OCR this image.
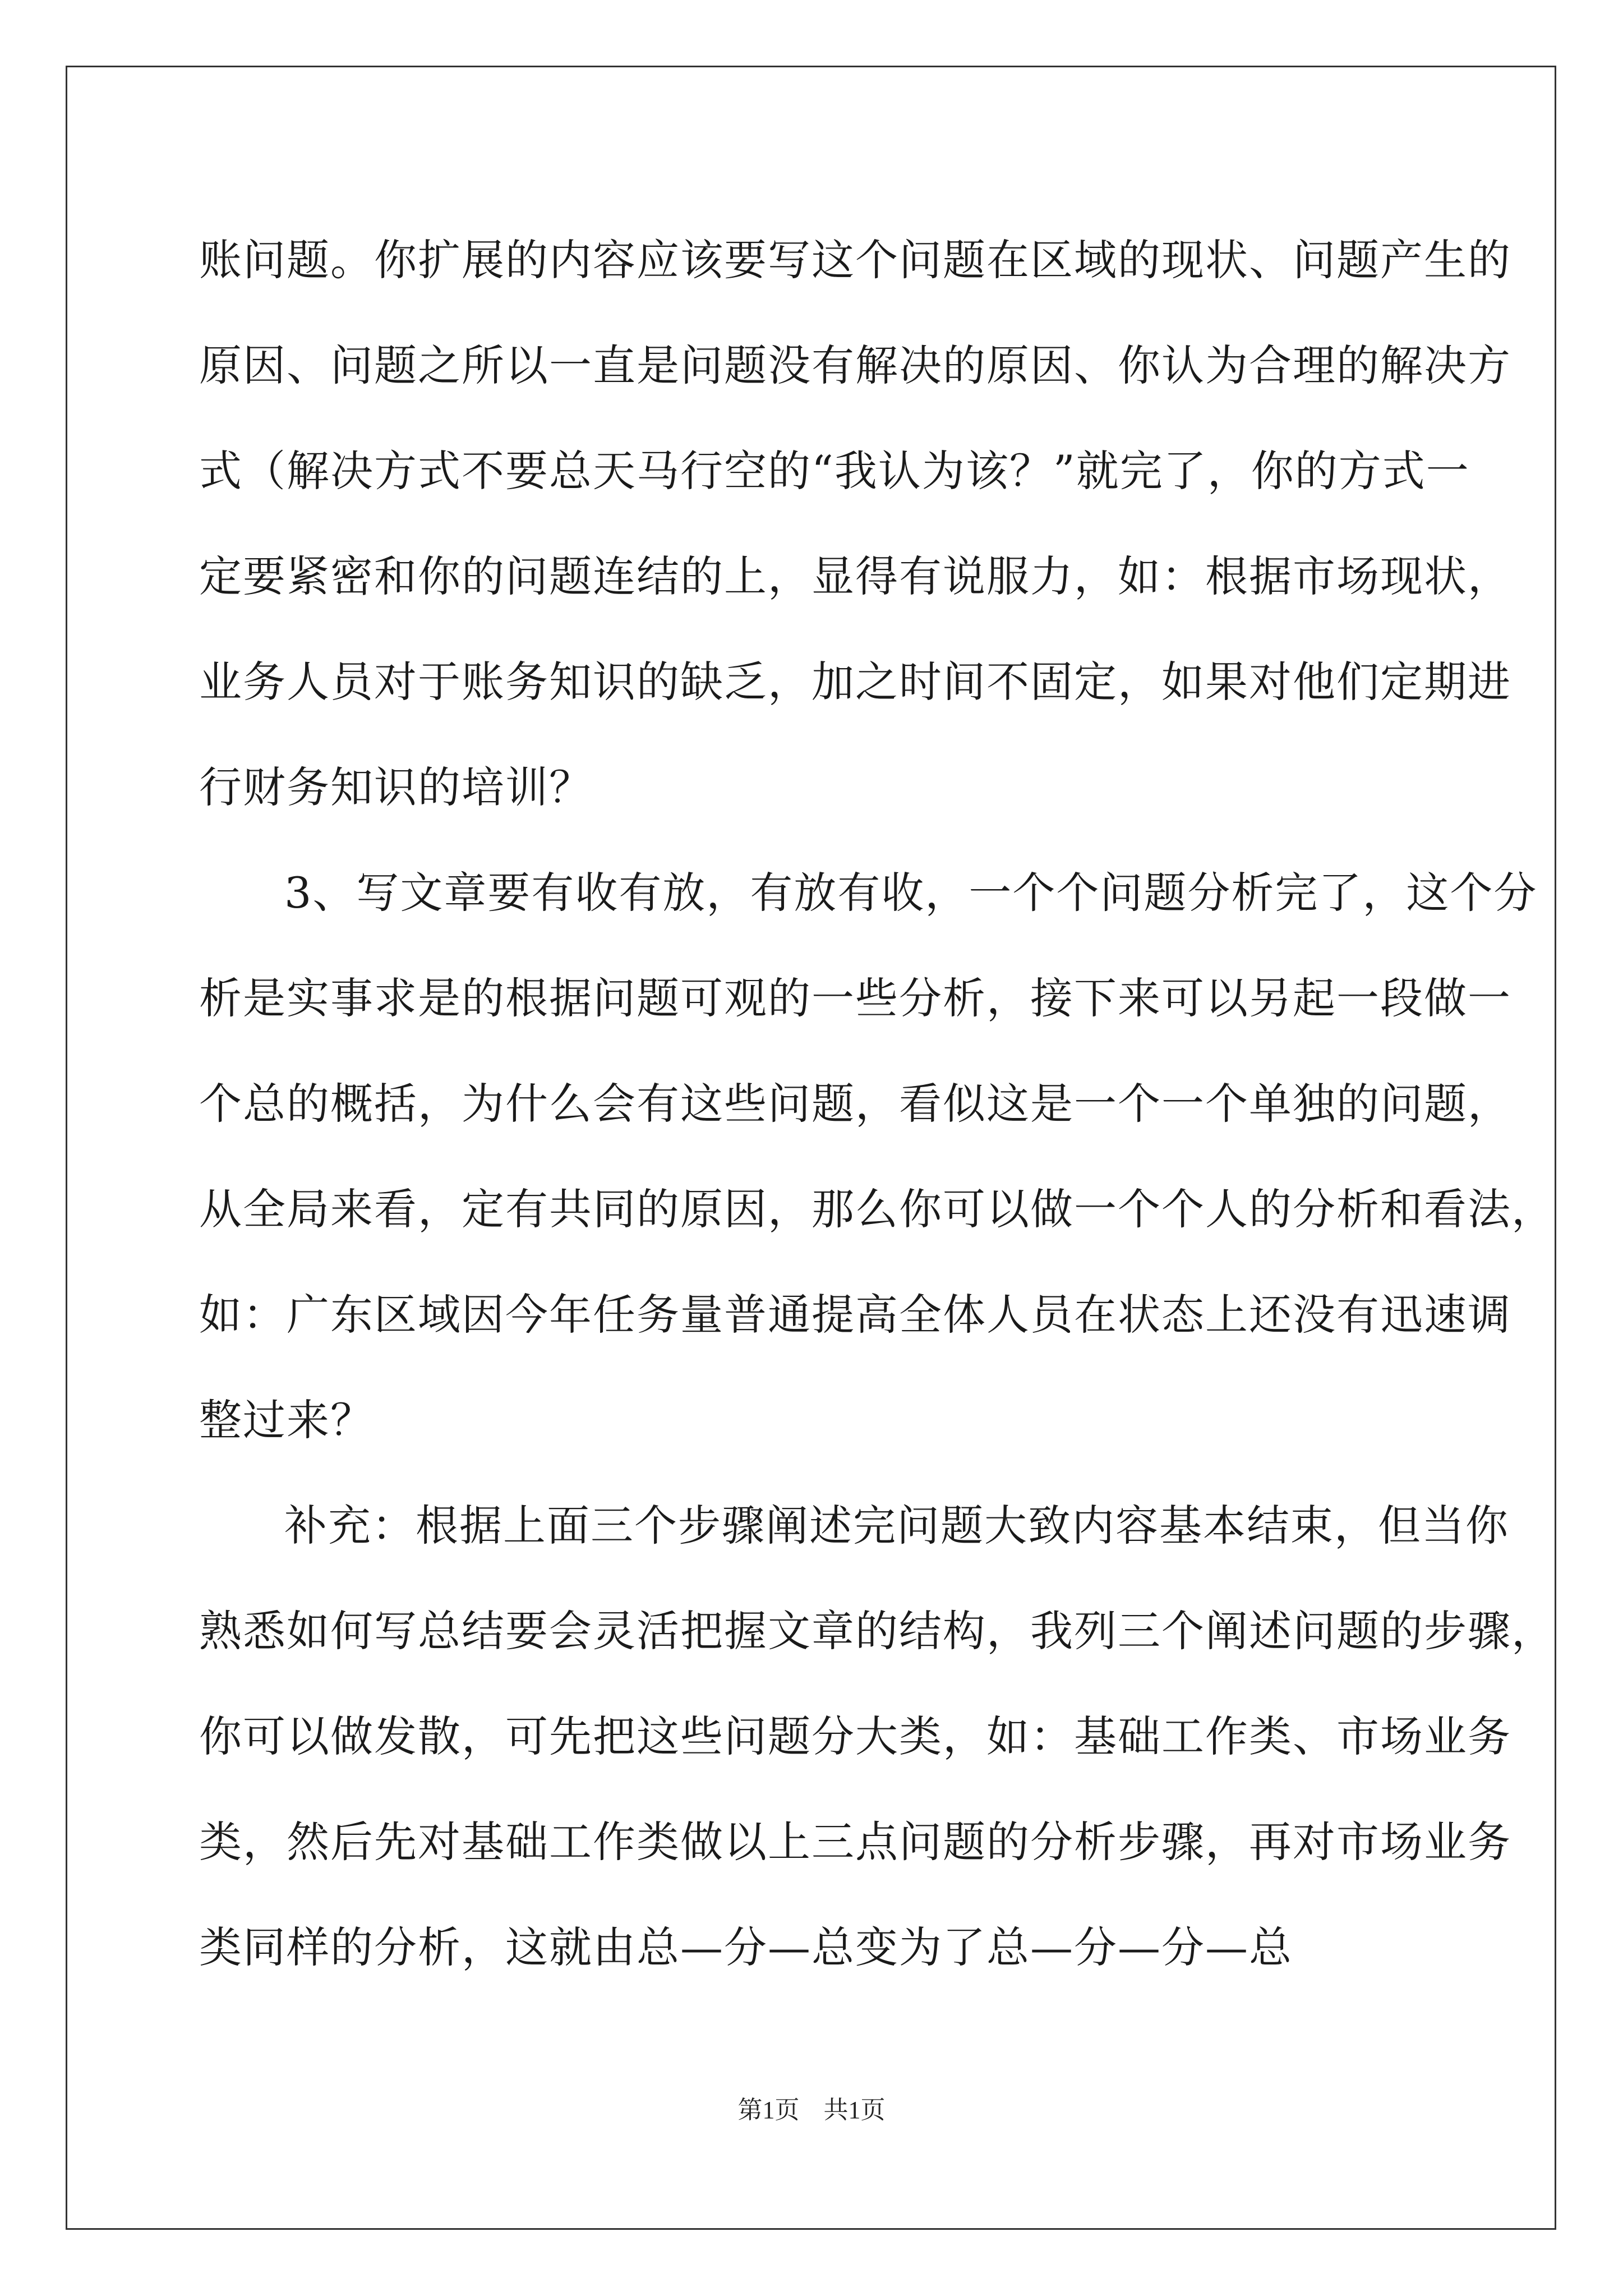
账问题。你扩展的内容应该要写这个问题在区域的现状、问题产生的
原因、问题之所以一直是问题没有解决的原因、你认为合理的解决方
式（解决方式不要总天马行空的“我认为该？”就完了，你的方式一
定要紧密和你的问题连结的上，显得有说服力，如：根据市场现状，
业务人员对于账务知识的缺乏，加之时间不固定，如果对他们定期进
行财务知识的培训？

3、写文章要有收有放，有放有收，一个个问题分析完了，这个分
析是实事求是的根据问题可观的一些分析，接下来可以另起一段做一
个总的概括，为什么会有这些问题，看似这是一个一个单独的问题，
从全局来看，定有共同的原因，那么你可以做一个个人的分析和看法，
如：广东区域因今年任务量普通提高全体人员在状态上还没有迅速调
整过来？

补充：根据上面三个步骤阐述完问题大致内容基本结束，但当你
熟悉如何写总结要会灵活把握文章的结构，我列三个阐述问题的步骤，
你可以做发散，可先把这些问题分大类，如：基础工作类、市场业务
类，然后先对基础工作类做以上三点问题的分析步骤，再对市场业务
类同样的分析，这就由总—分—总变为了总—分—分—总

第1页 共1页
